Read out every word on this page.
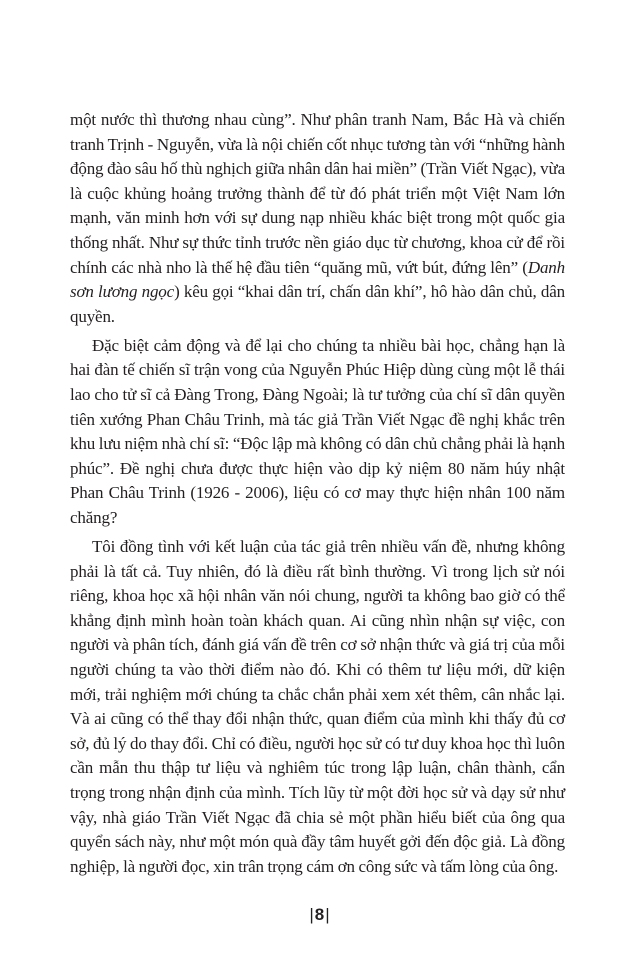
một nước thì thương nhau cùng”. Như phân tranh Nam, Bắc Hà và chiến tranh Trịnh - Nguyễn, vừa là nội chiến cốt nhục tương tàn với “những hành động đào sâu hố thù nghịch giữa nhân dân hai miền” (Trần Viết Ngạc), vừa là cuộc khủng hoảng trưởng thành để từ đó phát triển một Việt Nam lớn mạnh, văn minh hơn với sự dung nạp nhiều khác biệt trong một quốc gia thống nhất. Như sự thức tỉnh trước nền giáo dục từ chương, khoa cử để rồi chính các nhà nho là thế hệ đầu tiên “quăng mũ, vứt bút, đứng lên” (Danh sơn lương ngọc) kêu gọi “khai dân trí, chấn dân khí”, hô hào dân chủ, dân quyền.

Đặc biệt cảm động và để lại cho chúng ta nhiều bài học, chẳng hạn là hai đàn tế chiến sĩ trận vong của Nguyễn Phúc Hiệp dùng cùng một lễ thái lao cho tử sĩ cả Đàng Trong, Đàng Ngoài; là tư tưởng của chí sĩ dân quyền tiên xướng Phan Châu Trinh, mà tác giả Trần Viết Ngạc đề nghị khắc trên khu lưu niệm nhà chí sĩ: “Độc lập mà không có dân chủ chẳng phải là hạnh phúc”. Đề nghị chưa được thực hiện vào dịp kỷ niệm 80 năm húy nhật Phan Châu Trinh (1926 - 2006), liệu có cơ may thực hiện nhân 100 năm chăng?

Tôi đồng tình với kết luận của tác giả trên nhiều vấn đề, nhưng không phải là tất cả. Tuy nhiên, đó là điều rất bình thường. Vì trong lịch sử nói riêng, khoa học xã hội nhân văn nói chung, người ta không bao giờ có thể khẳng định mình hoàn toàn khách quan. Ai cũng nhìn nhận sự việc, con người và phân tích, đánh giá vấn đề trên cơ sở nhận thức và giá trị của mỗi người chúng ta vào thời điểm nào đó. Khi có thêm tư liệu mới, dữ kiện mới, trải nghiệm mới chúng ta chắc chắn phải xem xét thêm, cân nhắc lại. Và ai cũng có thể thay đổi nhận thức, quan điểm của mình khi thấy đủ cơ sở, đủ lý do thay đổi. Chỉ có điều, người học sử có tư duy khoa học thì luôn cần mẫn thu thập tư liệu và nghiêm túc trong lập luận, chân thành, cẩn trọng trong nhận định của mình. Tích lũy từ một đời học sử và dạy sử như vậy, nhà giáo Trần Viết Ngạc đã chia sẻ một phần hiểu biết của ông qua quyển sách này, như một món quà đầy tâm huyết gởi đến độc giả. Là đồng nghiệp, là người đọc, xin trân trọng cám ơn công sức và tấm lòng của ông.

|8|
